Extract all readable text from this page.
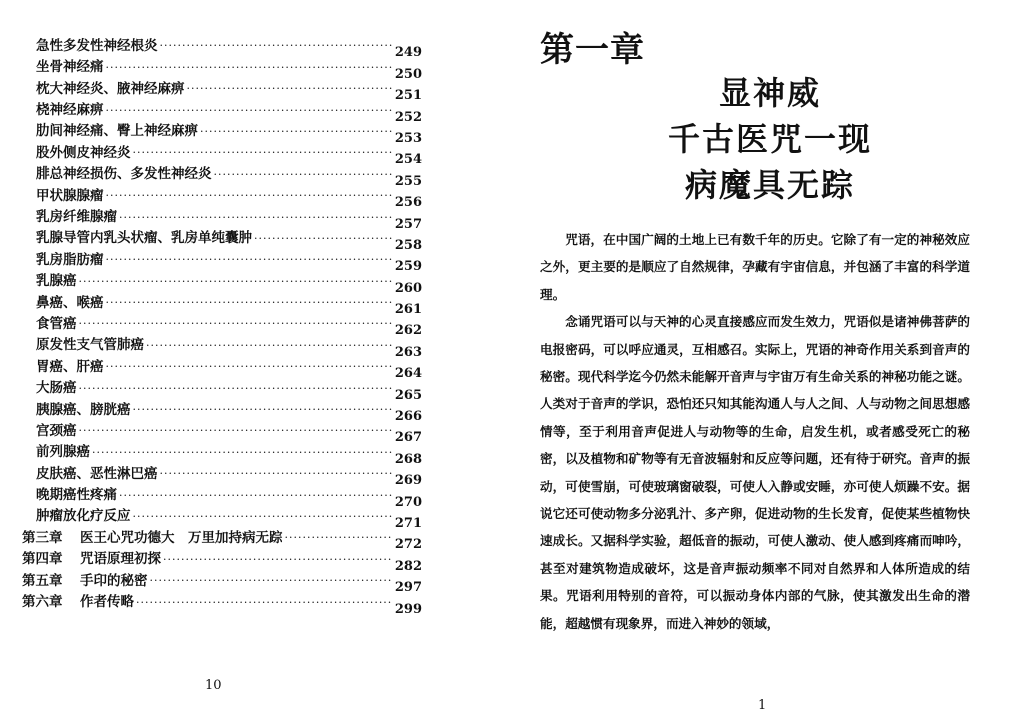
急性多发性神经根炎 ·····	249
坐骨神经痛 ·····	250
枕大神经炎、腋神经麻痹 ·····	251
桡神经麻痹 ·····	252
肋间神经痛、臀上神经麻痹 ·····	253
股外侧皮神经炎 ·····	254
腓总神经损伤、多发性神经炎 ·····	255
甲状腺腺瘤 ·····	256
乳房纤维腺瘤 ·····	257
乳腺导管内乳头状瘤、乳房单纯囊肿 ·····	258
乳房脂肪瘤 ·····	259
乳腺癌 ·····	260
鼻癌、喉癌 ·····	261
食管癌 ·····	262
原发性支气管肺癌 ·····	263
胃癌、肝癌 ·····	264
大肠癌 ·····	265
胰腺癌、膀胱癌 ·····	266
宫颈癌 ·····	267
前列腺癌 ·····	268
皮肤癌、恶性淋巴癌 ·····	269
晚期癌性疼痛 ·····	270
肿瘤放化疗反应 ·····	271
第三章 医王心咒功德大　万里加持病无踪 ·····	272
第四章 咒语原理初探 ·····	282
第五章 手印的秘密 ·····	297
第六章 作者传略 ·····	299
10
第一章
显神威
千古医咒一现
病魔具无踪

咒语，在中国广阔的土地上已有数千年的历史。它除了有一定的神秘效应之外，更主要的是顺应了自然规律，孕藏有宇宙信息，并包涵了丰富的科学道理。

念诵咒语可以与天神的心灵直接感应而发生效力，咒语似是诸神佛菩萨的电报密码，可以呼应通灵，互相感召。实际上，咒语的神奇作用关系到音声的秘密。现代科学迄今仍然未能解开音声与宇宙万有生命关系的神秘功能之谜。人类对于音声的学识，恐怕还只知其能沟通人与人之间、人与动物之间思想感情等，至于利用音声促进人与动物等的生命，启发生机，或者感受死亡的秘密，以及植物和矿物等有无音波辐射和反应等问题，还有待于研究。音声的振动，可使雪崩，可使玻璃窗破裂，可使人入静或安睡，亦可使人烦躁不安。据说它还可使动物多分泌乳汁、多产卵，促进动物的生长发育，促使某些植物快速成长。又据科学实验，超低音的振动，可使人激动、使人感到疼痛而呻吟，甚至对建筑物造成破坏，这是音声振动频率不同对自然界和人体所造成的结果。咒语利用特别的音符，可以振动身体内部的气脉，使其激发出生命的潜能，超越惯有现象界，而进入神妙的领域，

1
